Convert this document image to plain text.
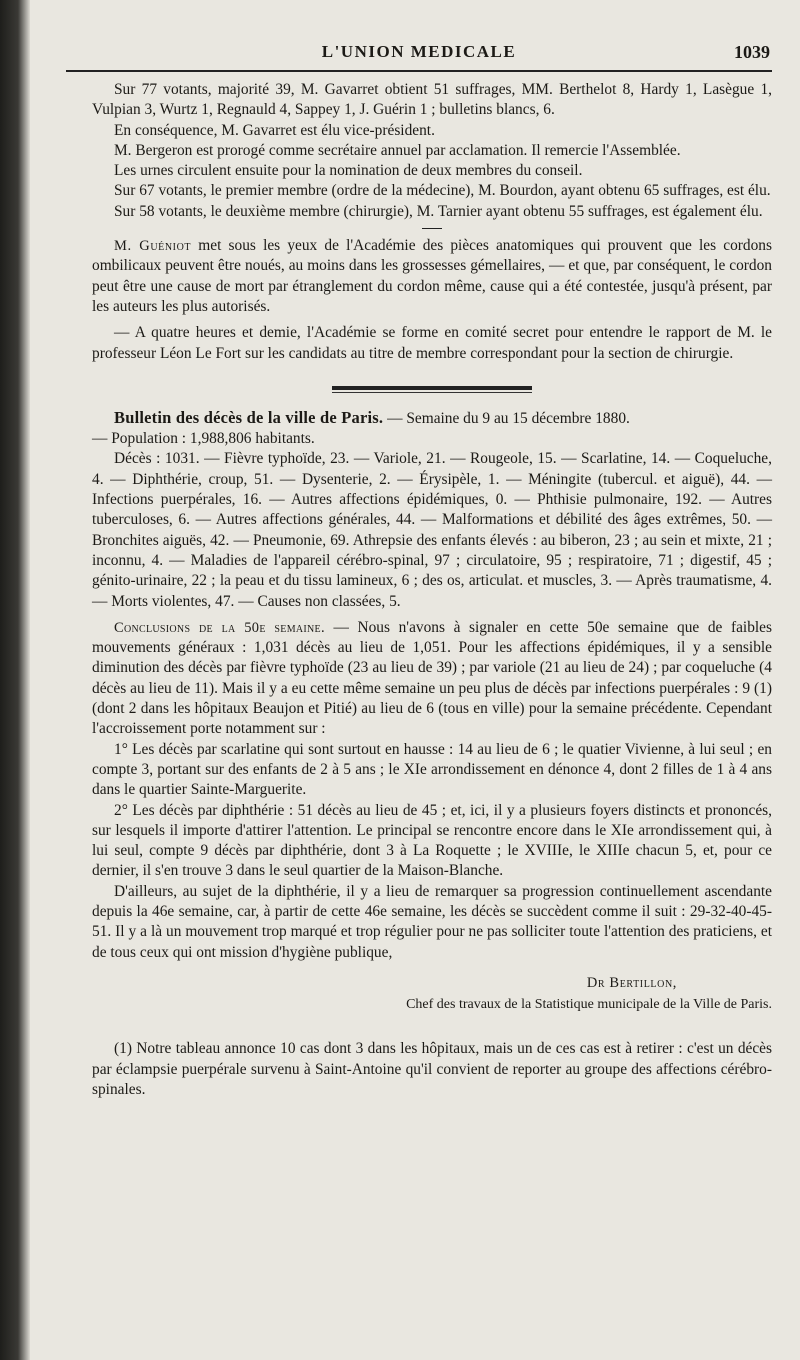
L'UNION MEDICALE	1039

Sur 77 votants, majorité 39, M. Gavarret obtient 51 suffrages, MM. Berthelot 8, Hardy 1, Lasègue 1, Vulpian 3, Wurtz 1, Regnauld 4, Sappey 1, J. Guérin 1 ; bulletins blancs, 6.

En conséquence, M. Gavarret est élu vice-président.

M. Bergeron est prorogé comme secrétaire annuel par acclamation. Il remercie l'Assemblée.

Les urnes circulent ensuite pour la nomination de deux membres du conseil.

Sur 67 votants, le premier membre (ordre de la médecine), M. Bourdon, ayant obtenu 65 suffrages, est élu.

Sur 58 votants, le deuxième membre (chirurgie), M. Tarnier ayant obtenu 55 suffrages, est également élu.

M. Guéniot met sous les yeux de l'Académie des pièces anatomiques qui prouvent que les cordons ombilicaux peuvent être noués, au moins dans les grossesses gémellaires, — et que, par conséquent, le cordon peut être une cause de mort par étranglement du cordon même, cause qui a été contestée, jusqu'à présent, par les auteurs les plus autorisés.

— A quatre heures et demie, l'Académie se forme en comité secret pour entendre le rapport de M. le professeur Léon Le Fort sur les candidats au titre de membre correspondant pour la section de chirurgie.

Bulletin des décès de la ville de Paris. — Semaine du 9 au 15 décembre 1880.

— Population : 1,988,806 habitants.

Décès : 1031. — Fièvre typhoïde, 23. — Variole, 21. — Rougeole, 15. — Scarlatine, 14. — Coqueluche, 4. — Diphthérie, croup, 51. — Dysenterie, 2. — Érysipèle, 1. — Méningite (tubercul. et aiguë), 44. — Infections puerpérales, 16. — Autres affections épidémiques, 0. — Phthisie pulmonaire, 192. — Autres tuberculoses, 6. — Autres affections générales, 44. — Malformations et débilité des âges extrêmes, 50. — Bronchites aiguës, 42. — Pneumonie, 69. Athrepsie des enfants élevés : au biberon, 23 ; au sein et mixte, 21 ; inconnu, 4. — Maladies de l'appareil cérébro-spinal, 97 ; circulatoire, 95 ; respiratoire, 71 ; digestif, 45 ; génito-urinaire, 22 ; la peau et du tissu lamineux, 6 ; des os, articulat. et muscles, 3. — Après traumatisme, 4. — Morts violentes, 47. — Causes non classées, 5.

Conclusions de la 50e semaine. — Nous n'avons à signaler en cette 50e semaine que de faibles mouvements généraux : 1,031 décès au lieu de 1,051. Pour les affections épidémiques, il y a sensible diminution des décès par fièvre typhoïde (23 au lieu de 39) ; par variole (21 au lieu de 24) ; par coqueluche (4 décès au lieu de 11). Mais il y a eu cette même semaine un peu plus de décès par infections puerpérales : 9 (1) (dont 2 dans les hôpitaux Beaujon et Pitié) au lieu de 6 (tous en ville) pour la semaine précédente. Cependant l'accroissement porte notamment sur :

1° Les décès par scarlatine qui sont surtout en hausse : 14 au lieu de 6 ; le quatier Vivienne, à lui seul ; en compte 3, portant sur des enfants de 2 à 5 ans ; le XIe arrondissement en dénonce 4, dont 2 filles de 1 à 4 ans dans le quartier Sainte-Marguerite.

2° Les décès par diphthérie : 51 décès au lieu de 45 ; et, ici, il y a plusieurs foyers distincts et prononcés, sur lesquels il importe d'attirer l'attention. Le principal se rencontre encore dans le XIe arrondissement qui, à lui seul, compte 9 décès par diphthérie, dont 3 à La Roquette ; le XVIIIe, le XIIIe chacun 5, et, pour ce dernier, il s'en trouve 3 dans le seul quartier de la Maison-Blanche.

D'ailleurs, au sujet de la diphthérie, il y a lieu de remarquer sa progression continuellement ascendante depuis la 46e semaine, car, à partir de cette 46e semaine, les décès se succèdent comme il suit : 29-32-40-45-51. Il y a là un mouvement trop marqué et trop régulier pour ne pas solliciter toute l'attention des praticiens, et de tous ceux qui ont mission d'hygiène publique,

Dr Bertillon,

Chef des travaux de la Statistique municipale de la Ville de Paris.

(1) Notre tableau annonce 10 cas dont 3 dans les hôpitaux, mais un de ces cas est à retirer : c'est un décès par éclampsie puerpérale survenu à Saint-Antoine qu'il convient de reporter au groupe des affections cérébro-spinales.
